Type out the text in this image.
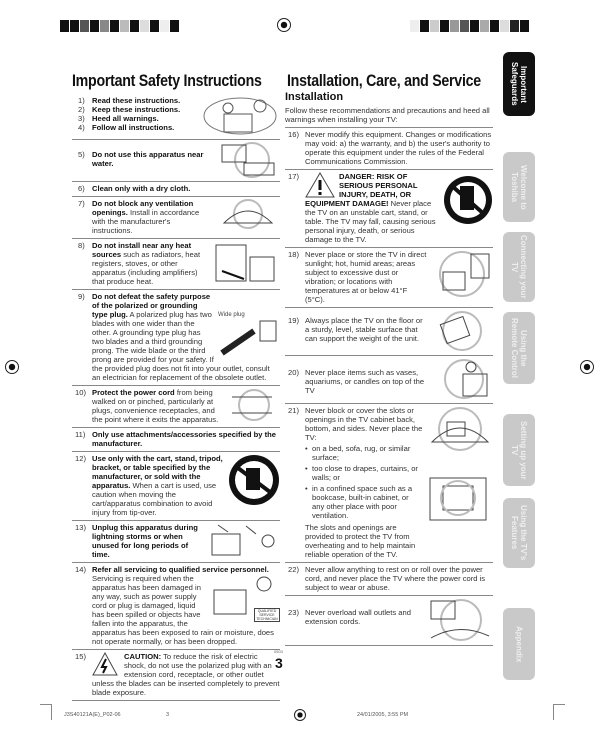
Important Safety Instructions
1) Read these instructions.
2) Keep these instructions.
3) Heed all warnings.
4) Follow all instructions.
5) Do not use this apparatus near water.
6) Clean only with a dry cloth.
7) Do not block any ventilation openings. Install in accordance with the manufacturer's instructions.
8) Do not install near any heat sources such as radiators, heat registers, stoves, or other apparatus (including amplifiers) that produce heat.
9)
Wide plug
Do not defeat the safety purpose of the polarized or grounding type plug. A polarized plug has two blades with one wider than the other. A grounding type plug has two blades and a third grounding prong. The wide blade or the third prong are provided for your safety. If the provided plug does not fit into your outlet, consult an electrician for replacement of the obsolete outlet.
10) Protect the power cord from being walked on or pinched, particularly at plugs, convenience receptacles, and the point where it exits the apparatus.
11) Only use attachments/accessories specified by the manufacturer.
12) Use only with the cart, stand, tripod, bracket, or table specified by the manufacturer, or sold with the apparatus. When a cart is used, use caution when moving the cart/apparatus combination to avoid injury from tip-over.
13) Unplug this apparatus during lightning storms or when unused for long periods of time.
14) Refer all servicing to qualified service personnel.
QUALIFIED SERVICE TECHNICIAN
Servicing is required when the apparatus has been damaged in any way, such as power supply cord or plug is damaged, liquid has been spilled or objects have fallen into the apparatus, the apparatus has been exposed to rain or moisture, does not operate normally, or has been dropped.
15)	CAUTION: To reduce the risk of electric shock, do not use the polarized plug with an extension cord, receptacle, or other outlet unless the blades can be inserted completely to prevent blade exposure.
Installation, Care, and Service
Installation
Follow these recommendations and precautions and heed all warnings when installing your TV:
16) Never modify this equipment. Changes or modifications may void: a) the warranty, and b) the user's authority to operate this equipment under the rules of the Federal Communications Commission.
17)	DANGER: RISK OF SERIOUS PERSONAL INJURY, DEATH, OR EQUIPMENT DAMAGE! Never place the TV on an unstable cart, stand, or table. The TV may fall, causing serious personal injury, death, or serious damage to the TV.
18) Never place or store the TV in direct sunlight; hot, humid areas; areas subject to excessive dust or vibration; or locations with temperatures at or below 41°F (5°C).
19) Always place the TV on the floor or a sturdy, level, stable surface that can support the weight of the unit.
20) Never place items such as vases, aquariums, or candles on top of the TV

21) Never block or cover the slots or openings in the TV cabinet back, bottom, and sides. Never place the TV:
• on a bed, sofa, rug, or similar surface;
• too close to drapes, curtains, or walls; or
• in a confined space such as a bookcase, built-in cabinet, or any other place with poor ventilation.
The slots and openings are provided to protect the TV from overheating and to help maintain reliable operation of the TV.
22) Never allow anything to rest on or roll over the power cord, and never place the TV where the power cord is subject to wear or abuse.
23) Never overload wall outlets and extension cords.
0503
3
Important Safeguards
Welcome to Toshiba
Connecting your TV
Using the Remote Control
Setting up your TV
Using the TV's Features
Appendix
J3S40121A(E)_P02-06	3	24/01/2005, 3:55 PM
